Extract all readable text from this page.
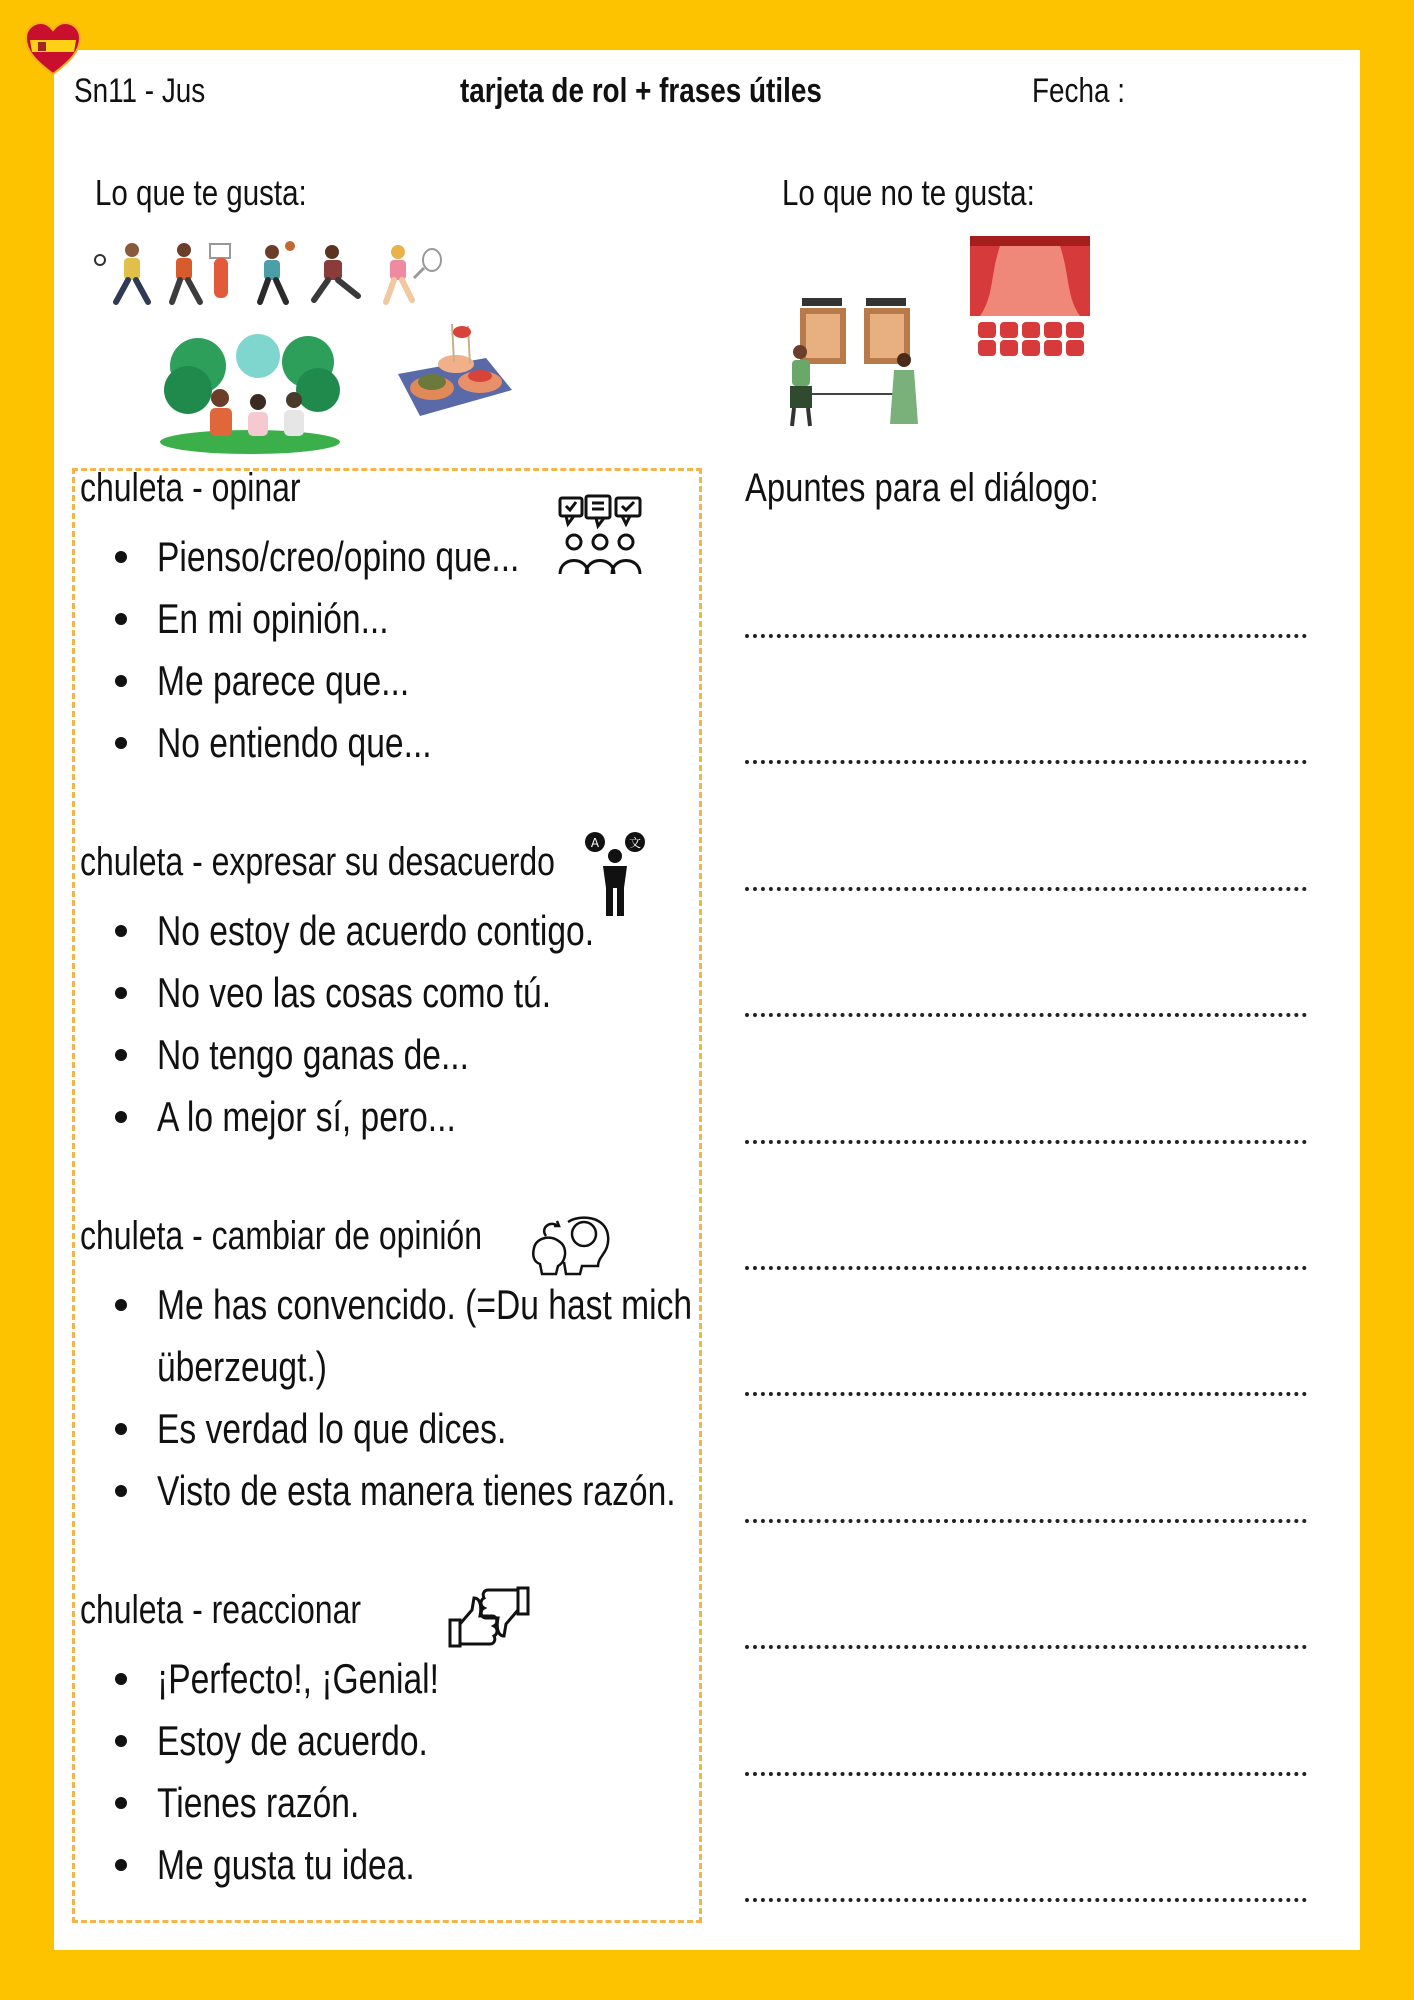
Sn11 - Jus	tarjeta de rol + frases útiles	Fecha :
Lo que te gusta:	Lo que no te gusta:
chuleta - opinar
Pienso/creo/opino que...
En mi opinión...
Me parece que...
No entiendo que...
chuleta - expresar su desacuerdo	A 文
No estoy de acuerdo contigo.
No veo las cosas como tú.
No tengo ganas de...
A lo mejor sí, pero...
chuleta - cambiar de opinión
Me has convencido. (=Du hast mich
überzeugt.)
Es verdad lo que dices.
Visto de esta manera tienes razón.
chuleta - reaccionar
¡Perfecto!, ¡Genial!
Estoy de acuerdo.
Tienes razón.
Me gusta tu idea.
Apuntes para el diálogo:
